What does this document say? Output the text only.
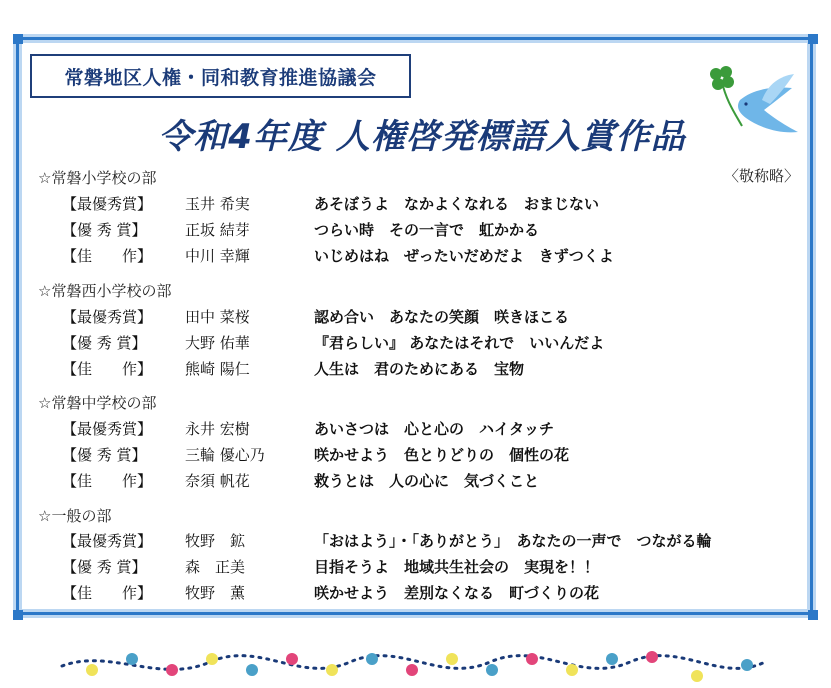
常磐地区人権・同和教育推進協議会
令和4年度 人権啓発標語入賞作品
〈敬称略〉
☆常磐小学校の部
【最優秀賞】	玉井 希実	あそぼうよ　なかよくなれる　おまじない
【優 秀 賞】	正坂 結芽	つらい時　その一言で　虹かかる
【佳　　作】	中川 幸輝	いじめはね　ぜったいだめだよ　きずつくよ
☆常磐西小学校の部
【最優秀賞】	田中 菜桜	認め合い　あなたの笑顔　咲きほこる
【優 秀 賞】	大野 佑華	『君らしい』 あなたはそれで　いいんだよ
【佳　　作】	熊崎 陽仁	人生は　君のためにある　宝物
☆常磐中学校の部
【最優秀賞】	永井 宏樹	あいさつは　心と心の　ハイタッチ
【優 秀 賞】	三輪 優心乃	咲かせよう　色とりどりの　個性の花
【佳　　作】	奈須 帆花	救うとは　人の心に　気づくこと
☆一般の部
【最優秀賞】	牧野　鉱	「おはよう」・「ありがとう」　あなたの一声で　つながる輪
【優 秀 賞】	森　正美	目指そうよ　地域共生社会の　実現を！！
【佳　　作】	牧野　薫	咲かせよう　差別なくなる　町づくりの花
